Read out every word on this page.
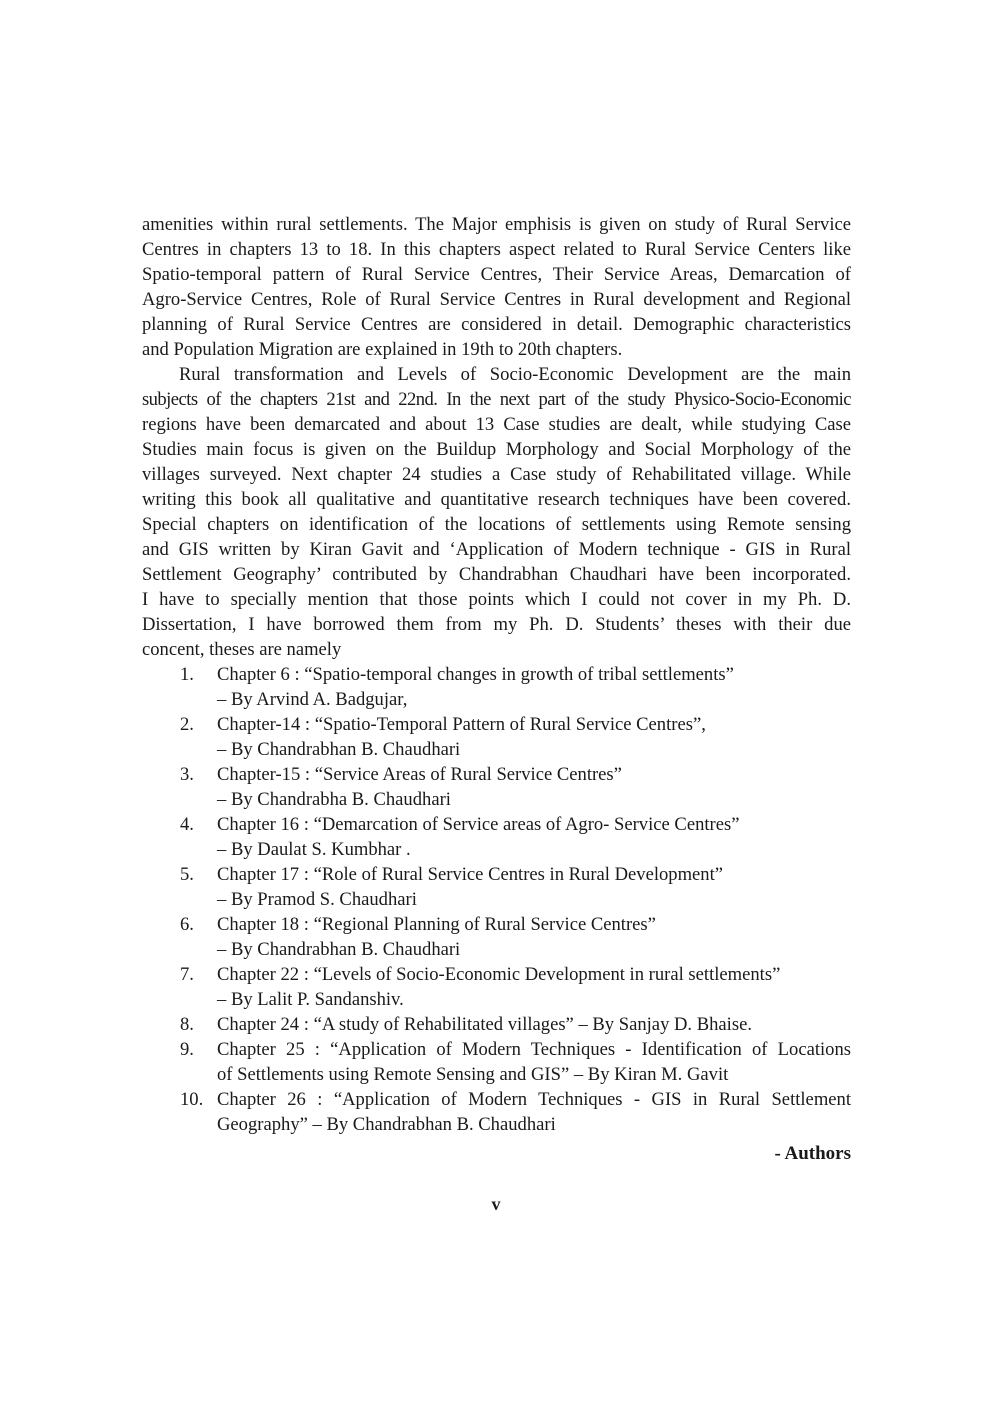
amenities within rural settlements. The Major emphisis is given on study of Rural Service
Centres in chapters 13 to 18. In this chapters aspect related to Rural Service Centers like
Spatio-temporal pattern of Rural Service Centres, Their Service Areas, Demarcation of
Agro-Service Centres, Role of Rural Service Centres in Rural development and Regional
planning of Rural Service Centres are considered in detail. Demographic characteristics
and Population Migration are explained in 19th to 20th chapters.

Rural transformation and Levels of Socio-Economic Development are the main
subjects of the chapters 21st and 22nd. In the next part of the study Physico-Socio-Economic
regions have been demarcated and about 13 Case studies are dealt, while studying Case
Studies main focus is given on the Buildup Morphology and Social Morphology of the
villages surveyed. Next chapter 24 studies a Case study of Rehabilitated village. While
writing this book all qualitative and quantitative research techniques have been covered.
Special chapters on identification of the locations of settlements using Remote sensing
and GIS written by Kiran Gavit and ‘Application of Modern technique - GIS in Rural
Settlement Geography’ contributed by Chandrabhan Chaudhari have been incorporated.
I have to specially mention that those points which I could not cover in my Ph. D.
Dissertation, I have borrowed them from my Ph. D. Students’ theses with their due
concent, theses are namely

1. Chapter 6 : “Spatio-temporal changes in growth of tribal settlements”
– By Arvind A. Badgujar,
2. Chapter-14 : “Spatio-Temporal Pattern of Rural Service Centres”,
– By Chandrabhan B. Chaudhari
3. Chapter-15 : “Service Areas of Rural Service Centres”
– By Chandrabha B. Chaudhari
4. Chapter 16 : “Demarcation of Service areas of Agro- Service Centres”
– By Daulat S. Kumbhar .
5. Chapter 17 : “Role of Rural Service Centres in Rural Development”
– By Pramod S. Chaudhari
6. Chapter 18 : “Regional Planning of Rural Service Centres”
– By Chandrabhan B. Chaudhari
7. Chapter 22 : “Levels of Socio-Economic Development in rural settlements”
– By Lalit P. Sandanshiv.
8. Chapter 24 : “A study of Rehabilitated villages” – By Sanjay D. Bhaise.
9. Chapter 25 : “Application of Modern Techniques - Identification of Locations
of Settlements using Remote Sensing and GIS” – By Kiran M. Gavit
10. Chapter 26 : “Application of Modern Techniques - GIS in Rural Settlement
Geography” – By Chandrabhan B. Chaudhari
- Authors
v
